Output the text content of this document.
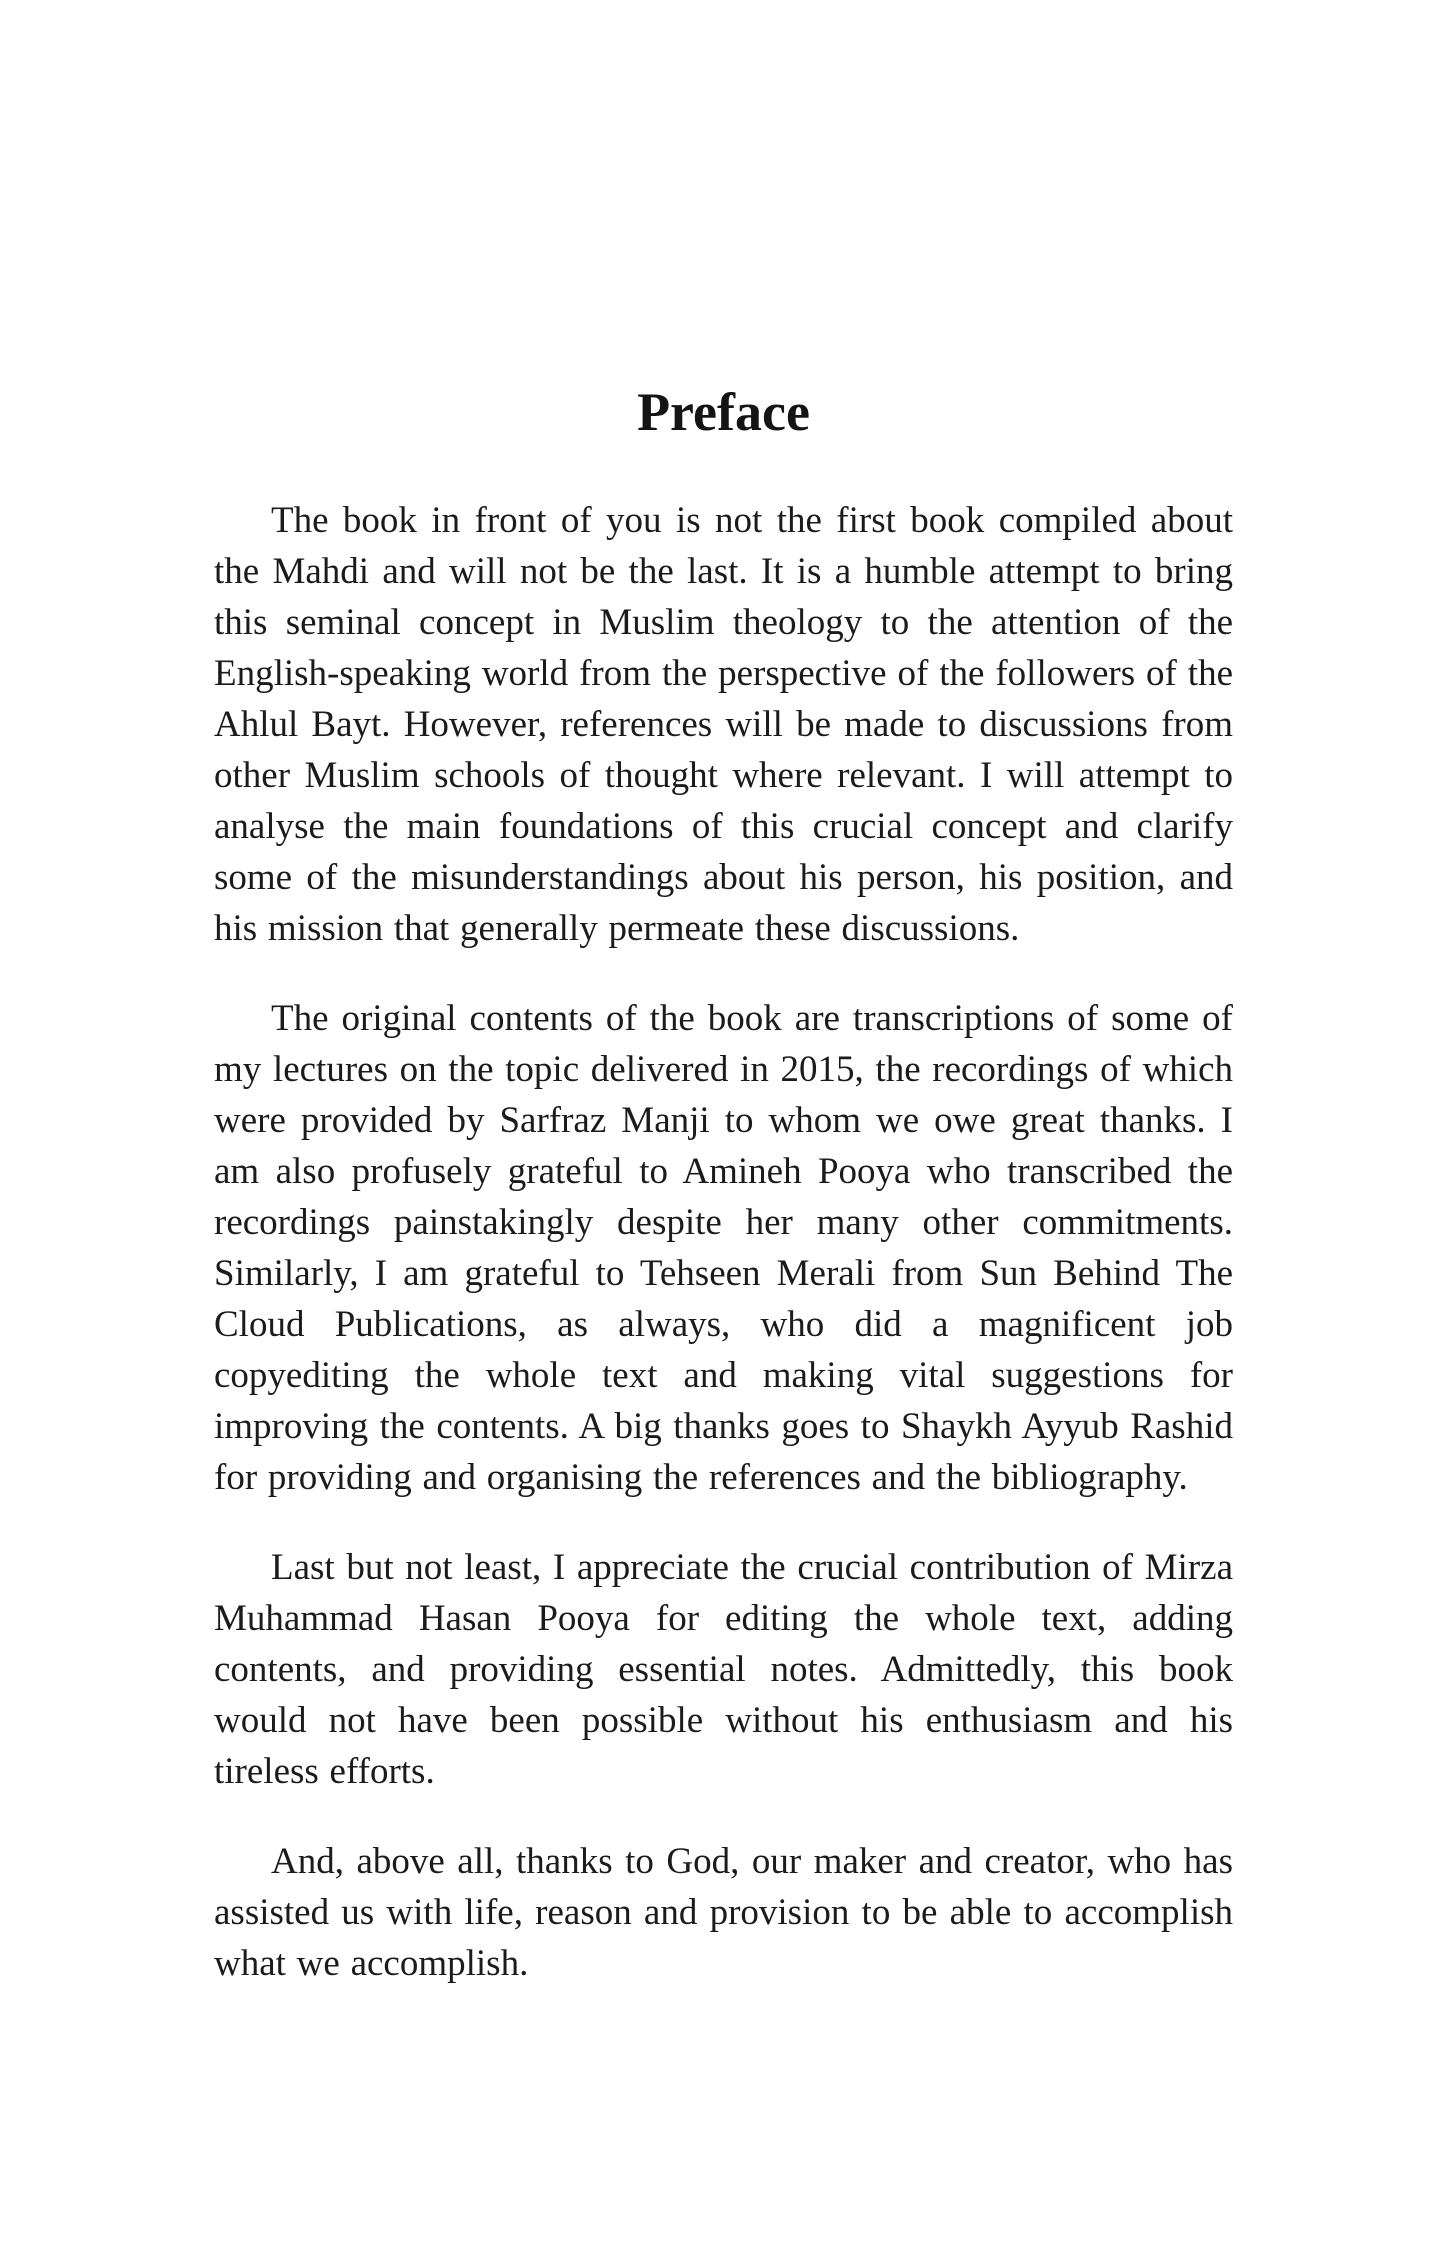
Preface

The book in front of you is not the first book compiled about the Mahdi and will not be the last. It is a humble attempt to bring this seminal concept in Muslim theology to the attention of the English-speaking world from the perspective of the followers of the Ahlul Bayt. However, references will be made to discussions from other Muslim schools of thought where relevant. I will attempt to analyse the main foundations of this crucial concept and clarify some of the misunderstandings about his person, his position, and his mission that generally permeate these discussions.

The original contents of the book are transcriptions of some of my lectures on the topic delivered in 2015, the recordings of which were provided by Sarfraz Manji to whom we owe great thanks. I am also profusely grateful to Amineh Pooya who transcribed the recordings painstakingly despite her many other commitments. Similarly, I am grateful to Tehseen Merali from Sun Behind The Cloud Publications, as always, who did a magnificent job copyediting the whole text and making vital suggestions for improving the contents. A big thanks goes to Shaykh Ayyub Rashid for providing and organising the references and the bibliography.

Last but not least, I appreciate the crucial contribution of Mirza Muhammad Hasan Pooya for editing the whole text, adding contents, and providing essential notes. Admittedly, this book would not have been possible without his enthusiasm and his tireless efforts.

And, above all, thanks to God, our maker and creator, who has assisted us with life, reason and provision to be able to accomplish what we accomplish.
